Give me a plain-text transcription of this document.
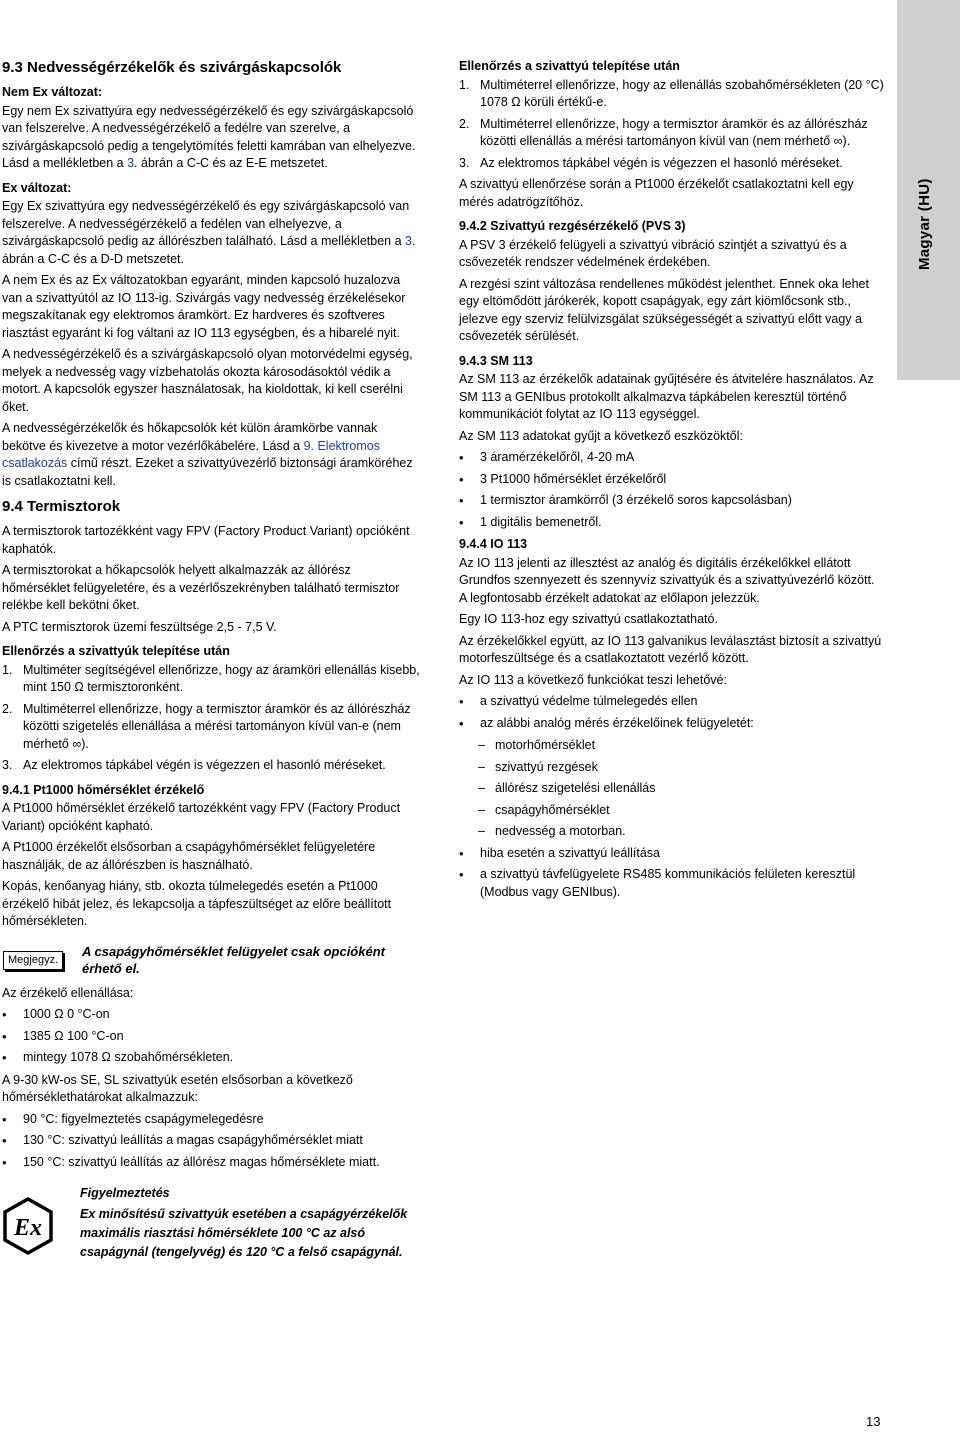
Magyar (HU)
9.3 Nedvességérzékelők és szivárgáskapcsolók
Nem Ex változat:

Egy nem Ex szivattyúra egy nedvességérzékelő és egy szivárgáskapcsoló van felszerelve. A nedvességérzékelő a fedélre van szerelve, a szivárgáskapcsoló pedig a tengelytömítés feletti kamrában van elhelyezve. Lásd a mellékletben a 3. ábrán a C-C és az E-E metszetet.

Ex változat:

Egy Ex szivattyúra egy nedvességérzékelő és egy szivárgáskapcsoló van felszerelve. A nedvességérzékelő a fedélen van elhelyezve, a szivárgáskapcsoló pedig az állórészben található. Lásd a mellékletben a 3. ábrán a C-C és a D-D metszetet.

A nem Ex és az Ex változatokban egyaránt, minden kapcsoló huzalozva van a szivattyútól az IO 113-ig. Szivárgás vagy nedvesség érzékelésekor megszakítanak egy elektromos áramkört. Ez hardveres és szoftveres riasztást egyaránt ki fog váltani az IO 113 egységben, és a hibarelé nyit.

A nedvességérzékelő és a szivárgáskapcsoló olyan motorvédelmi egység, melyek a nedvesség vagy vízbehatolás okozta károsodásoktól védik a motort. A kapcsolók egyszer használatosak, ha kioldottak, ki kell cserélni őket.

A nedvességérzékelők és hőkapcsolók két külön áramkörbe vannak bekötve és kivezetve a motor vezérlőkábelére. Lásd a 9. Elektromos csatlakozás című részt. Ezeket a szivattyúvezérlő biztonsági áramköréhez is csatlakoztatni kell.

9.4 Termisztorok

A termisztorok tartozékként vagy FPV (Factory Product Variant) opcióként kaphatók.

A termisztorokat a hőkapcsolók helyett alkalmazzák az állórész hőmérséklet felügyeletére, és a vezérlőszekrényben található termisztor relékbe kell bekötni őket.

A PTC termisztorok üzemi feszültsége 2,5 - 7,5 V.

Ellenőrzés a szivattyúk telepítése után
1. Multiméter segítségével ellenőrizze, hogy az áramköri ellenállás kisebb, mint 150 Ω termisztoronként.
2. Multiméterrel ellenőrizze, hogy a termisztor áramkör és az állórészház közötti szigetelés ellenállása a mérési tartományon kívül van-e (nem mérhető ∞).
3. Az elektromos tápkábel végén is végezzen el hasonló méréseket.
9.4.1 Pt1000 hőmérséklet érzékelő

A Pt1000 hőmérséklet érzékelő tartozékként vagy FPV (Factory Product Variant) opcióként kapható.

A Pt1000 érzékelőt elsősorban a csapágyhőmérséklet felügyeletére használják, de az állórészben is használható.

Kopás, kenőanyag hiány, stb. okozta túlmelegedés esetén a Pt1000 érzékelő hibát jelez, és lekapcsolja a tápfeszültséget az előre beállított hőmérsékleten.

Megjegyz.
A csapágyhőmérséklet felügyelet csak opcióként érhető el.

Az érzékelő ellenállása:

• 1000 Ω 0 °C-on
• 1385 Ω 100 °C-on
• mintegy 1078 Ω szobahőmérsékleten.

A 9-30 kW-os SE, SL szivattyúk esetén elsősorban a következő hőmérséklethatárokat alkalmazzuk:

• 90 °C: figyelmeztetés csapágymelegedésre
• 130 °C: szivattyú leállítás a magas csapágyhőmérséklet miatt
• 150 °C: szivattyú leállítás az állórész magas hőmérséklete miatt.
Ex
Figyelmeztetés
Ex minősítésű szivattyúk esetében a csapágyérzékelők maximális riasztási hőmérséklete 100 °C az alsó csapágynál (tengelyvég) és 120 °C a felső csapágynál.
Ellenőrzés a szivattyú telepítése után
1. Multiméterrel ellenőrizze, hogy az ellenállás szobahőmérsékleten (20 °C) 1078 Ω körüli értékű-e.
2. Multiméterrel ellenőrizze, hogy a termisztor áramkör és az állórészház közötti ellenállás a mérési tartományon kívül van (nem mérhető ∞).
3. Az elektromos tápkábel végén is végezzen el hasonló méréseket.

A szivattyú ellenőrzése során a Pt1000 érzékelőt csatlakoztatni kell egy mérés adatrögzítőhöz.

9.4.2 Szivattyú rezgésérzékelő (PVS 3)

A PSV 3 érzékelő felügyeli a szivattyú vibráció szintjét a szivattyú és a csővezeték rendszer védelmének érdekében.

A rezgési szint változása rendellenes működést jelenthet. Ennek oka lehet egy eltömődött járókerék, kopott csapágyak, egy zárt kiömlőcsonk stb., jelezve egy szerviz felülvizsgálat szükségességét a szivattyú előtt vagy a csővezeték sérülését.

9.4.3 SM 113

Az SM 113 az érzékelők adatainak gyűjtésére és átvitelére használatos. Az SM 113 a GENIbus protokollt alkalmazva tápkábelen keresztül történő kommunikációt folytat az IO 113 egységgel.

Az SM 113 adatokat gyűjt a következő eszközöktől:

• 3 áramérzékelőről, 4-20 mA
• 3 Pt1000 hőmérséklet érzékelőről
• 1 termisztor áramkörről (3 érzékelő soros kapcsolásban)
• 1 digitális bemenetről.
9.4.4 IO 113

Az IO 113 jelenti az illesztést az analóg és digitális érzékelőkkel ellátott Grundfos szennyezett és szennyvíz szivattyúk és a szivattyúvezérlő között. A legfontosabb érzékelt adatokat az előlapon jelezzük.

Egy IO 113-hoz egy szivattyú csatlakoztatható.

Az érzékelőkkel együtt, az IO 113 galvanikus leválasztást biztosít a szivattyú motorfeszültsége és a csatlakoztatott vezérlő között.

Az IO 113 a következő funkciókat teszi lehetővé:

• a szivattyú védelme túlmelegedés ellen
• az alábbi analóg mérés érzékelőinek felügyeletét:
– motorhőmérséklet
– szivattyú rezgések
– állórész szigetelési ellenállás
– csapágyhőmérséklet
– nedvesség a motorban.
• hiba esetén a szivattyú leállítása
• a szivattyú távfelügyelete RS485 kommunikációs felületen keresztül (Modbus vagy GENIbus).
13
